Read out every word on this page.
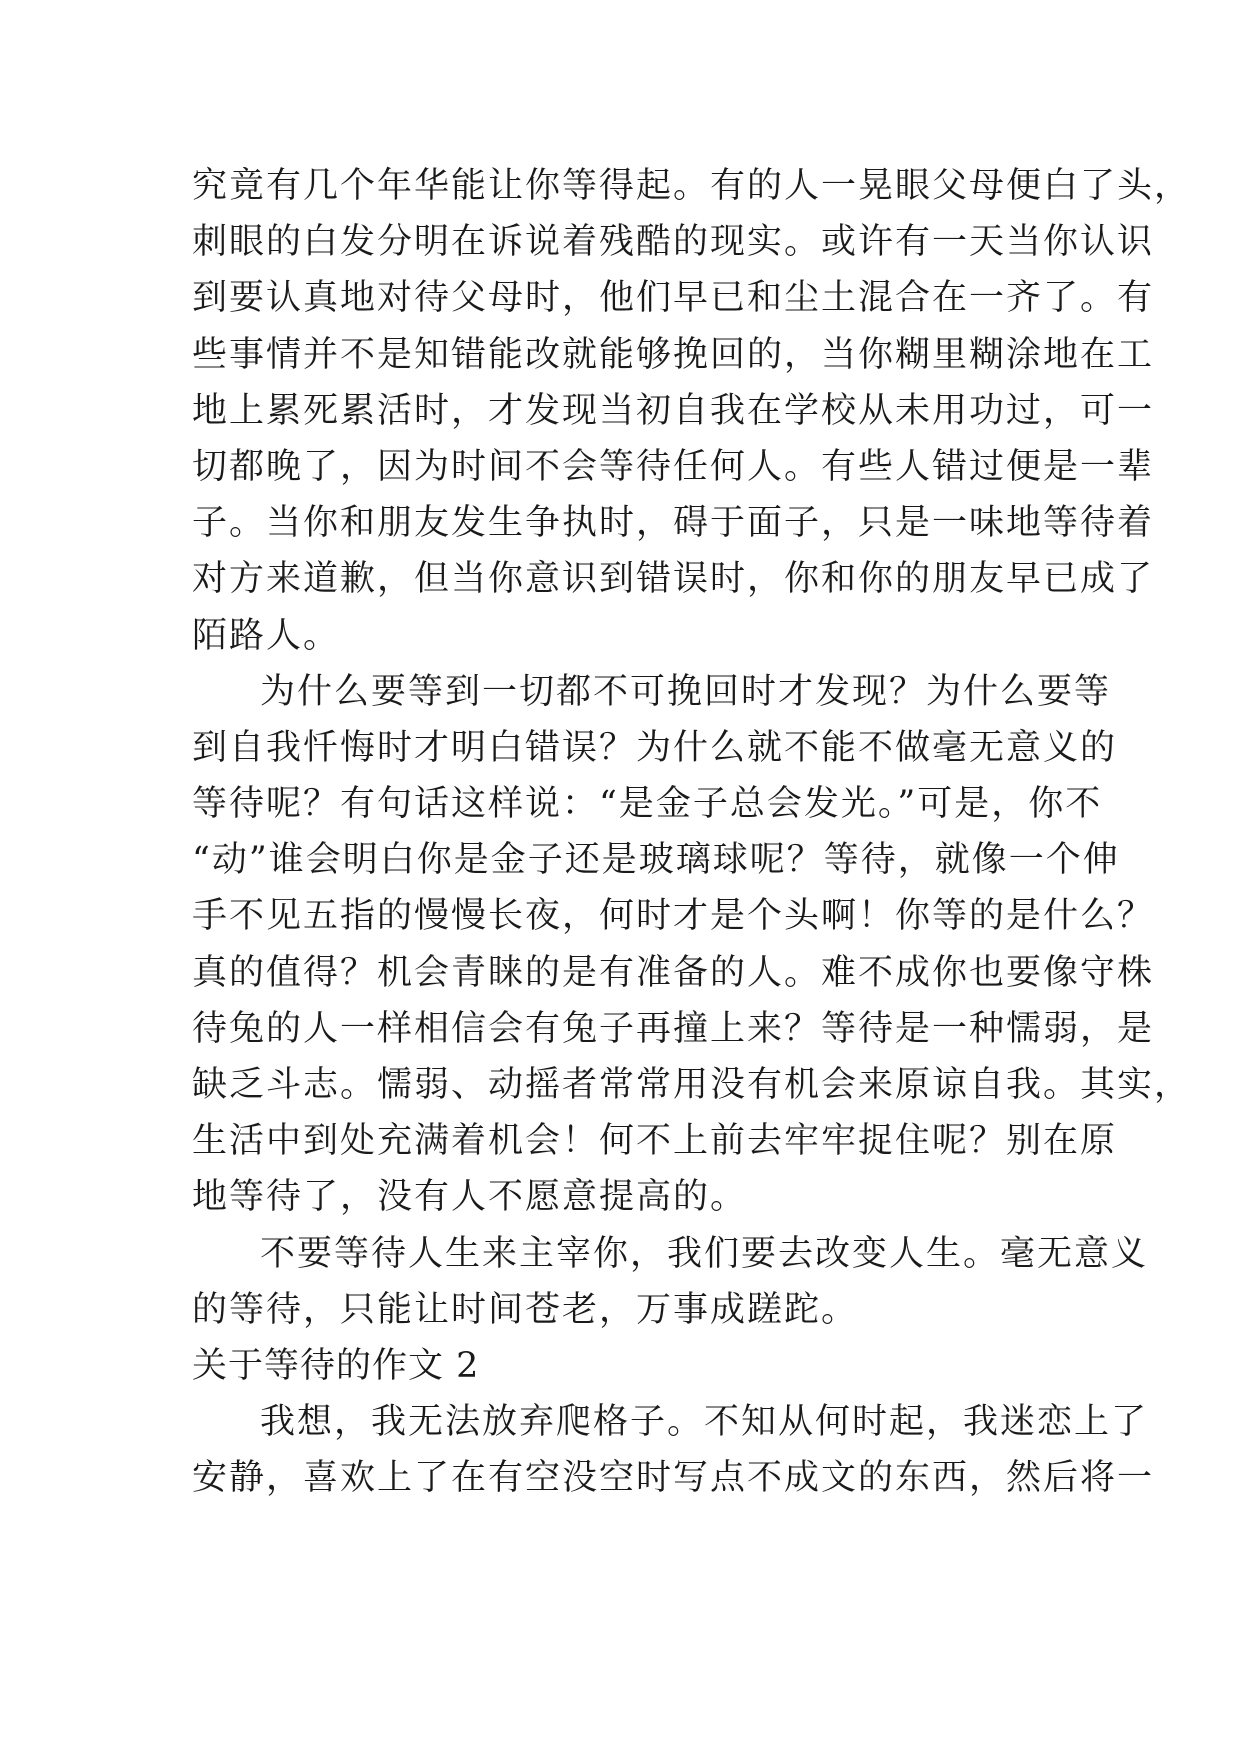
究竟有几个年华能让你等得起。有的人一晃眼父母便白了头，
刺眼的白发分明在诉说着残酷的现实。或许有一天当你认识
到要认真地对待父母时，他们早已和尘土混合在一齐了。有
些事情并不是知错能改就能够挽回的，当你糊里糊涂地在工
地上累死累活时，才发现当初自我在学校从未用功过，可一
切都晚了，因为时间不会等待任何人。有些人错过便是一辈
子。当你和朋友发生争执时，碍于面子，只是一味地等待着
对方来道歉，但当你意识到错误时，你和你的朋友早已成了
陌路人。
为什么要等到一切都不可挽回时才发现？为什么要等
到自我忏悔时才明白错误？为什么就不能不做毫无意义的
等待呢？有句话这样说：“是金子总会发光。”可是，你不
“动”谁会明白你是金子还是玻璃球呢？等待，就像一个伸
手不见五指的慢慢长夜，何时才是个头啊！你等的是什么？
真的值得？机会青睐的是有准备的人。难不成你也要像守株
待兔的人一样相信会有兔子再撞上来？等待是一种懦弱，是
缺乏斗志。懦弱、动摇者常常用没有机会来原谅自我。其实，
生活中到处充满着机会！何不上前去牢牢捉住呢？别在原
地等待了，没有人不愿意提高的。
不要等待人生来主宰你，我们要去改变人生。毫无意义
的等待，只能让时间苍老，万事成蹉跎。
关于等待的作文 2
我想，我无法放弃爬格子。不知从何时起，我迷恋上了
安静，喜欢上了在有空没空时写点不成文的东西，然后将一
